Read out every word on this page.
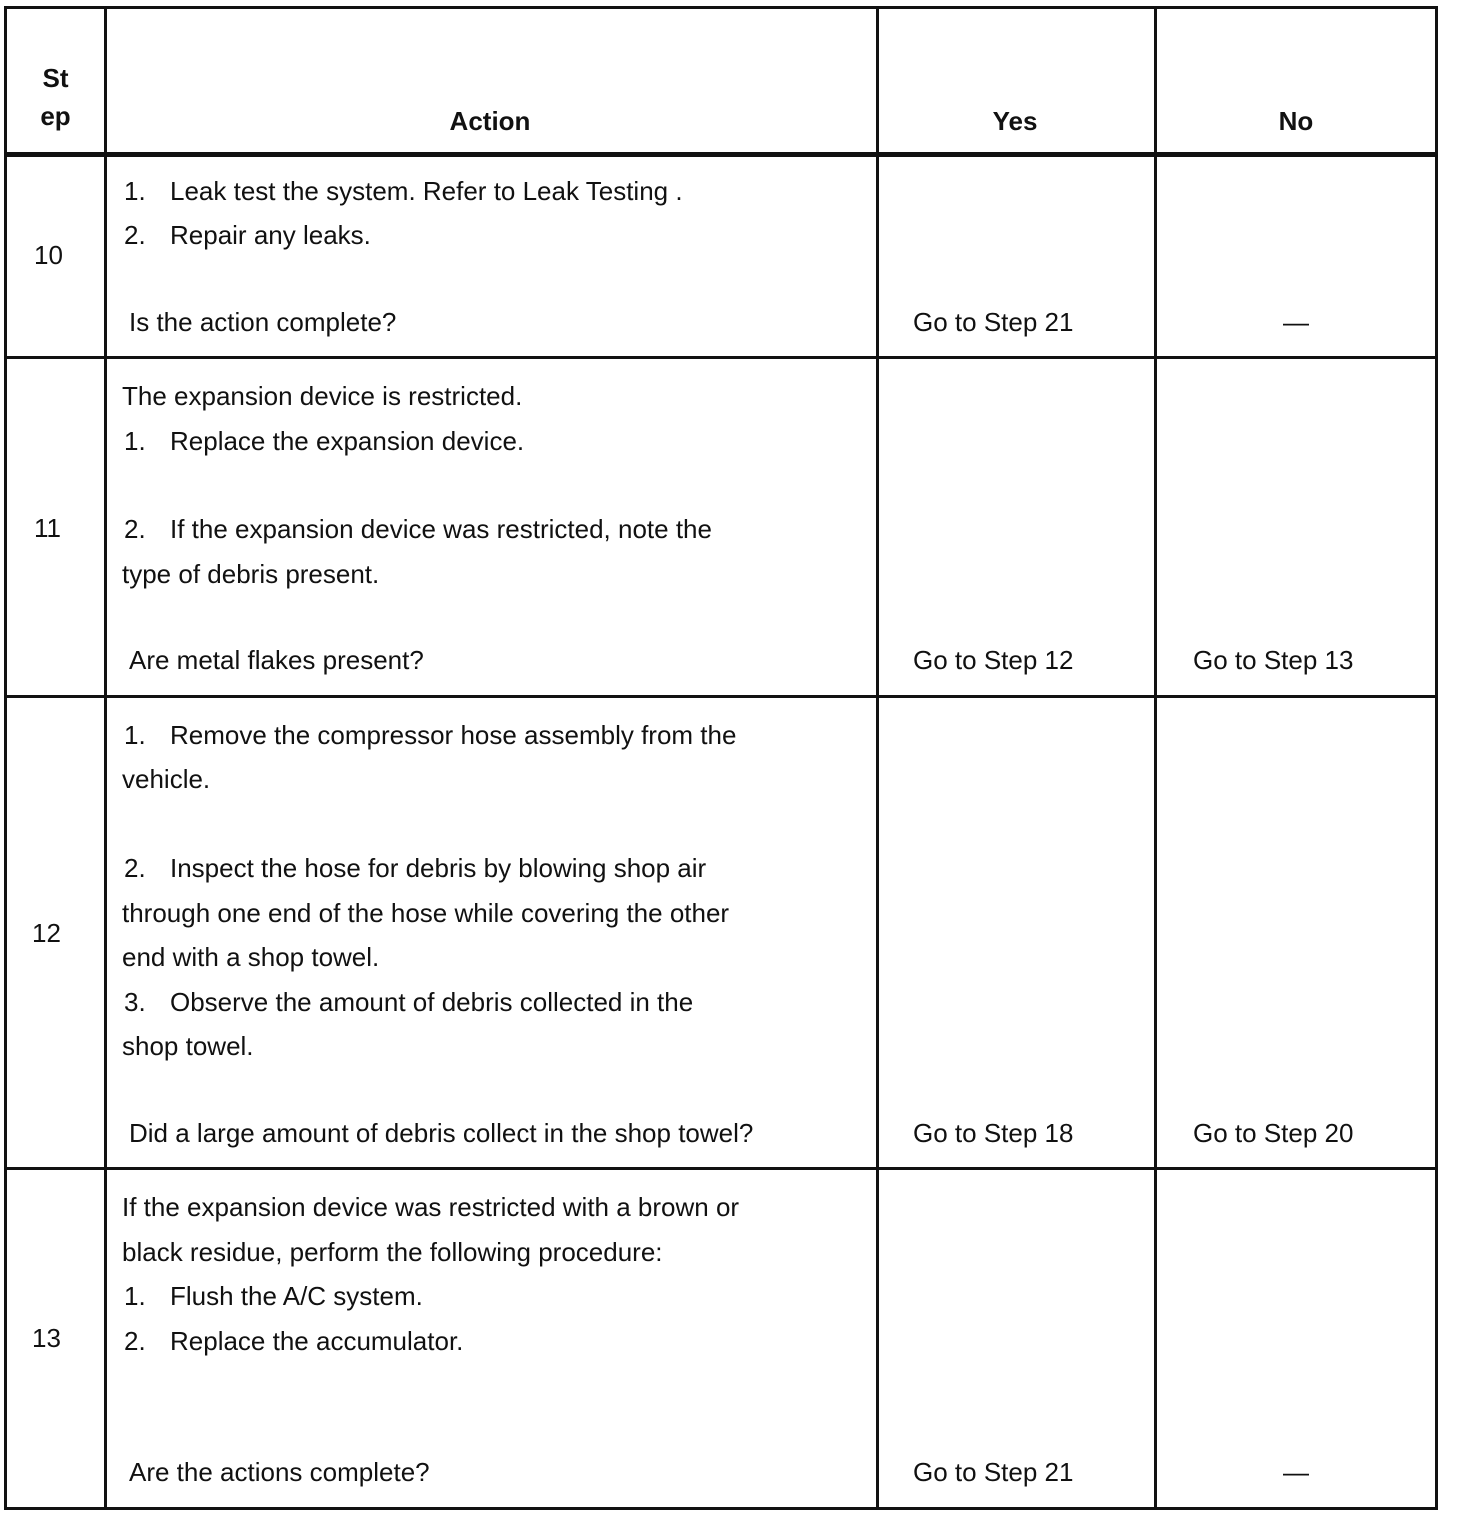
St
ep	Action	Yes	No
10
1. Leak test the system. Refer to Leak Testing .
2. Repair any leaks.
Is the action complete?	Go to Step 21	—
11
The expansion device is restricted.
1. Replace the expansion device.
2. If the expansion device was restricted, note the
type of debris present.
Are metal flakes present?	Go to Step 12	Go to Step 13
12
1. Remove the compressor hose assembly from the
vehicle.
2. Inspect the hose for debris by blowing shop air
through one end of the hose while covering the other
end with a shop towel.
3. Observe the amount of debris collected in the
shop towel.
Did a large amount of debris collect in the shop towel?	Go to Step 18	Go to Step 20
13
If the expansion device was restricted with a brown or
black residue, perform the following procedure:
1. Flush the A/C system.
2. Replace the accumulator.
Are the actions complete?	Go to Step 21	—
